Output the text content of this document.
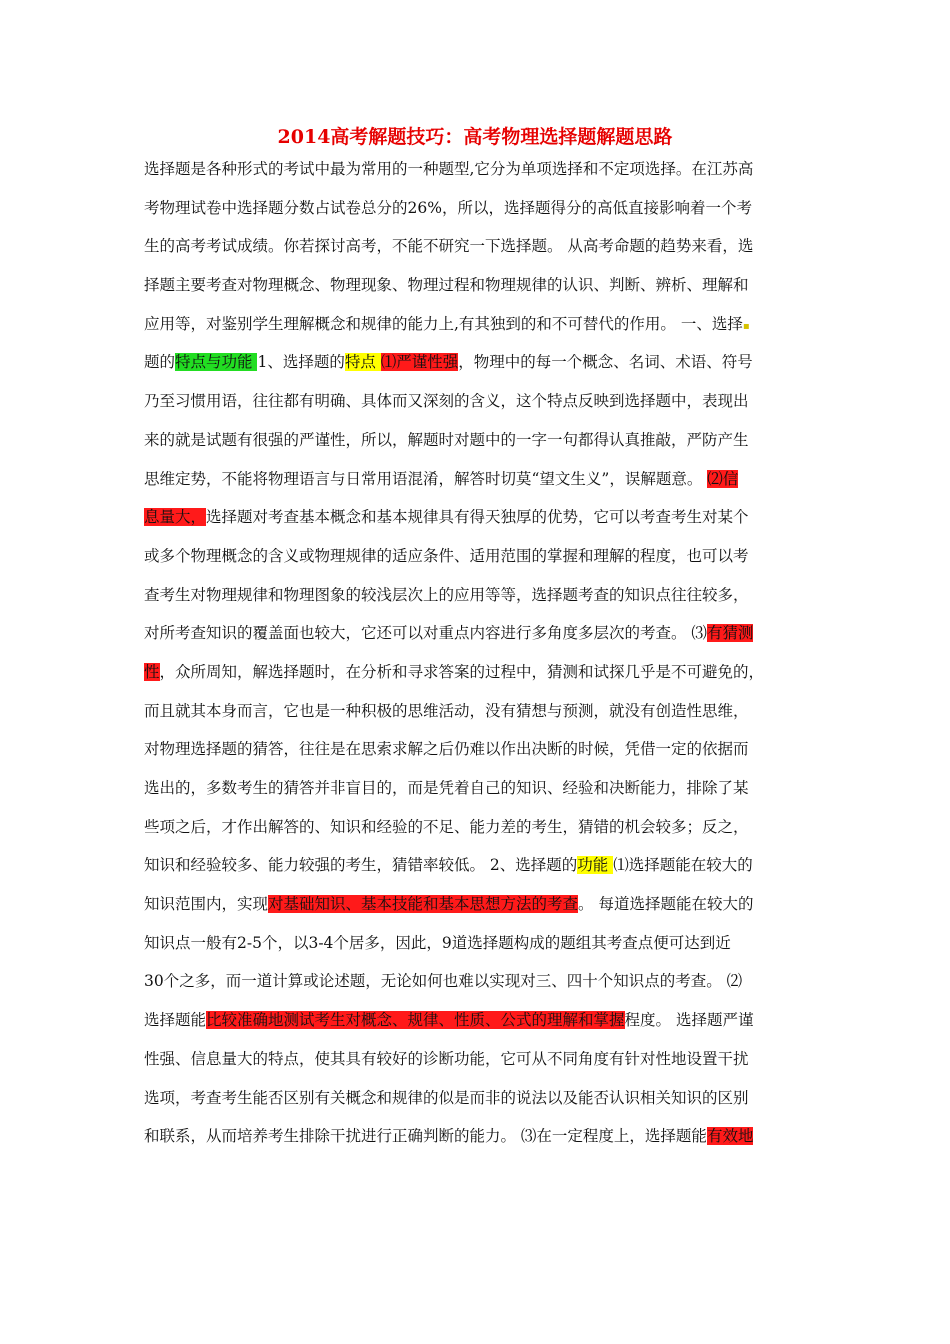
2014高考解题技巧：高考物理选择题解题思路
选择题是各种形式的考试中最为常用的一种题型,它分为单项选择和不定项选择。在江苏高
考物理试卷中选择题分数占试卷总分的26%，所以，选择题得分的高低直接影响着一个考
生的高考考试成绩。你若探讨高考，不能不研究一下选择题。 从高考命题的趋势来看，选
择题主要考查对物理概念、物理现象、物理过程和物理规律的认识、判断、辨析、理解和
应用等，对鉴别学生理解概念和规律的能力上,有其独到的和不可替代的作用。 一、选择▪
题的特点与功能 1、选择题的特点 ⑴严谨性强，物理中的每一个概念、名词、术语、符号
乃至习惯用语，往往都有明确、具体而又深刻的含义，这个特点反映到选择题中，表现出
来的就是试题有很强的严谨性，所以，解题时对题中的一字一句都得认真推敲，严防产生
思维定势，不能将物理语言与日常用语混淆，解答时切莫“望文生义”，误解题意。 ⑵信
息量大，选择题对考查基本概念和基本规律具有得天独厚的优势，它可以考查考生对某个
或多个物理概念的含义或物理规律的适应条件、适用范围的掌握和理解的程度，也可以考
查考生对物理规律和物理图象的较浅层次上的应用等等，选择题考查的知识点往往较多，
对所考查知识的覆盖面也较大，它还可以对重点内容进行多角度多层次的考查。 ⑶有猜测
性，众所周知，解选择题时，在分析和寻求答案的过程中，猜测和试探几乎是不可避免的，
而且就其本身而言，它也是一种积极的思维活动，没有猜想与预测，就没有创造性思维，
对物理选择题的猜答，往往是在思索求解之后仍难以作出决断的时候，凭借一定的依据而
选出的，多数考生的猜答并非盲目的，而是凭着自己的知识、经验和决断能力，排除了某
些项之后，才作出解答的、知识和经验的不足、能力差的考生，猜错的机会较多；反之，
知识和经验较多、能力较强的考生，猜错率较低。 2、选择题的功能 ⑴选择题能在较大的
知识范围内，实现对基础知识、基本技能和基本思想方法的考查。 每道选择题能在较大的
知识点一般有2-5个，以3-4个居多，因此，9道选择题构成的题组其考查点便可达到近
30个之多，而一道计算或论述题，无论如何也难以实现对三、四十个知识点的考查。 ⑵
选择题能比较准确地测试考生对概念、规律、性质、公式的理解和掌握程度。 选择题严谨
性强、信息量大的特点，使其具有较好的诊断功能，它可从不同角度有针对性地设置干扰
选项，考查考生能否区别有关概念和规律的似是而非的说法以及能否认识相关知识的区别
和联系，从而培养考生排除干扰进行正确判断的能力。 ⑶在一定程度上，选择题能有效地
